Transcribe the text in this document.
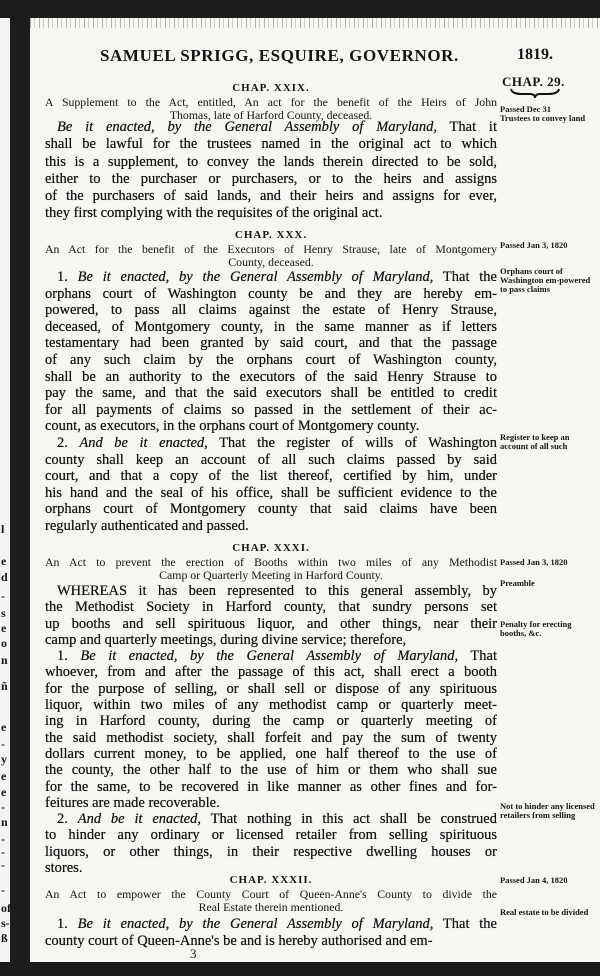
SAMUEL SPRIGG, ESQUIRE, GOVERNOR.	1819.
CHAP. 29.
CHAP. XXIX.
A Supplement to the Act, entitled, An act for the benefit of the Heirs of John
Thomas, late of Harford County, deceased.
Be it enacted, by the General Assembly of Maryland, That it
shall be lawful for the trustees named in the original act to which
this is a supplement, to convey the lands therein directed to be sold,
either to the purchaser or purchasers, or to the heirs and assigns
of the purchasers of said lands, and their heirs and assigns for ever,
they first complying with the requisites of the original act.
CHAP. XXX.
An Act for the benefit of the Executors of Henry Strause, late of Montgomery
County, deceased.
1. Be it enacted, by the General Assembly of Maryland, That the
orphans court of Washington county be and they are hereby em-
powered, to pass all claims against the estate of Henry Strause,
deceased, of Montgomery county, in the same manner as if letters
testamentary had been granted by said court, and that the passage
of any such claim by the orphans court of Washington county,
shall be an authority to the executors of the said Henry Strause to
pay the same, and that the said executors shall be entitled to credit
for all payments of claims so passed in the settlement of their ac-
count, as executors, in the orphans court of Montgomery county.
2. And be it enacted, That the register of wills of Washington
county shall keep an account of all such claims passed by said
court, and that a copy of the list thereof, certified by him, under
his hand and the seal of his office, shall be sufficient evidence to the
orphans court of Montgomery county that said claims have been
regularly authenticated and passed.
CHAP. XXXI.
An Act to prevent the erection of Booths within two miles of any Methodist
Camp or Quarterly Meeting in Harford County.
WHEREAS it has been represented to this general assembly, by
the Methodist Society in Harford county, that sundry persons set
up booths and sell spirituous liquor, and other things, near their
camp and quarterly meetings, during divine service; therefore,
1. Be it enacted, by the General Assembly of Maryland, That
whoever, from and after the passage of this act, shall erect a booth
for the purpose of selling, or shall sell or dispose of any spirituous
liquor, within two miles of any methodist camp or quarterly meet-
ing in Harford county, during the camp or quarterly meeting of
the said methodist society, shall forfeit and pay the sum of twenty
dollars current money, to be applied, one half thereof to the use of
the county, the other half to the use of him or them who shall sue
for the same, to be recovered in like manner as other fines and for-
feitures are made recoverable.
2. And be it enacted, That nothing in this act shall be construed
to hinder any ordinary or licensed retailer from selling spirituous
liquors, or other things, in their respective dwelling houses or
stores.
CHAP. XXXII.
An Act to empower the County Court of Queen-Anne's County to divide the
Real Estate therein mentioned.
1. Be it enacted, by the General Assembly of Maryland, That the
county court of Queen-Anne's be and is hereby authorised and em-
Passed Dec 31
Trustees to convey land
Passed Jan 3, 1820
Orphans court of Washington em-powered to pass claims
Register to keep an account of all such
Passed Jan 3, 1820
Preamble
Penalty for erecting booths, &c.
Not to hinder any licensed retailers from selling
Passed Jan 4, 1820
Real estate to be divided
l
e
d
-
s
e
o
n
ñ
e
-
y
e
e
-
n
-
-
-
-
of
s-
ß
3
